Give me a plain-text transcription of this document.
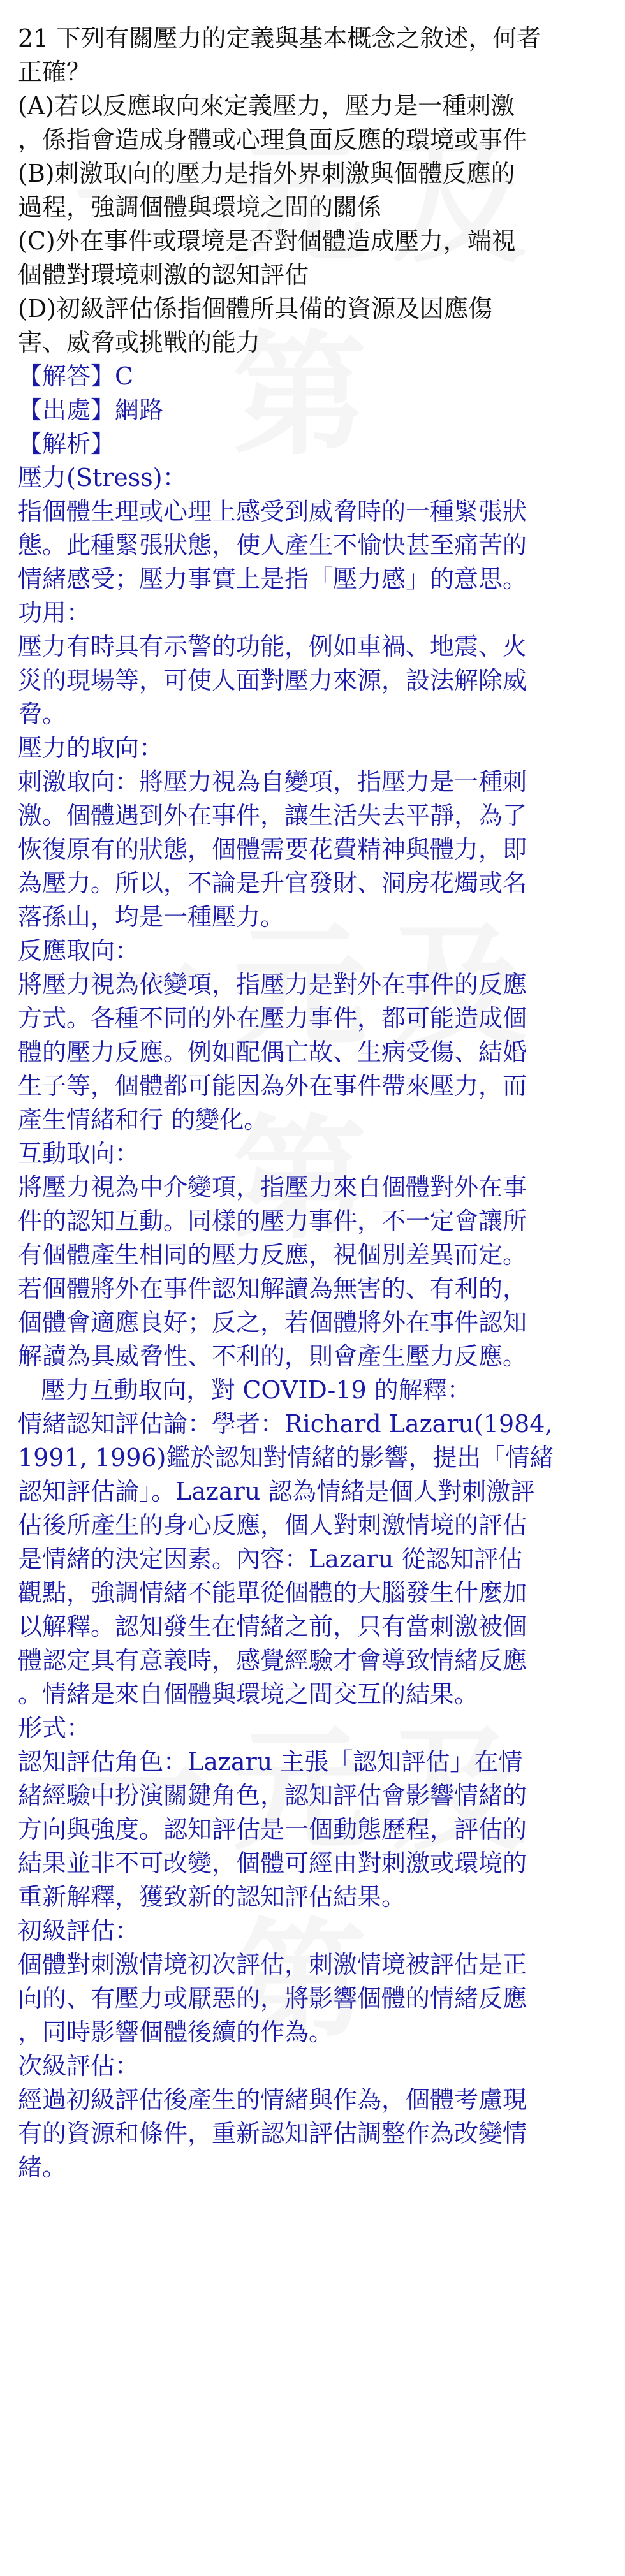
21 下列有關壓力的定義與基本概念之敘述，何者

正確？

(A)若以反應取向來定義壓力，壓力是一種刺激

，係指會造成身體或心理負面反應的環境或事件

(B)刺激取向的壓力是指外界刺激與個體反應的

過程，強調個體與環境之間的關係

(C)外在事件或環境是否對個體造成壓力，端視

個體對環境刺激的認知評估

(D)初級評估係指個體所具備的資源及因應傷

害、威脅或挑戰的能力

【解答】C

【出處】網路

【解析】

壓力(Stress)：

指個體生理或心理上感受到威脅時的一種緊張狀

態。此種緊張狀態，使人產生不愉快甚至痛苦的

情緒感受；壓力事實上是指「壓力感」的意思。

功用：

壓力有時具有示警的功能，例如車禍、地震、火

災的現場等，可使人面對壓力來源，設法解除威

脅。

壓力的取向：

刺激取向：將壓力視為自變項，指壓力是一種刺

激。個體遇到外在事件，讓生活失去平靜，為了

恢復原有的狀態，個體需要花費精神與體力，即

為壓力。所以，不論是升官發財、洞房花燭或名

落孫山，均是一種壓力。

反應取向：

將壓力視為依變項，指壓力是對外在事件的反應

方式。各種不同的外在壓力事件，都可能造成個

體的壓力反應。例如配偶亡故、生病受傷、結婚

生子等，個體都可能因為外在事件帶來壓力，而

產生情緒和行 的變化。

互動取向：

將壓力視為中介變項，指壓力來自個體對外在事

件的認知互動。同樣的壓力事件，不一定會讓所

有個體產生相同的壓力反應，視個別差異而定。

若個體將外在事件認知解讀為無害的、有利的，

個體會適應良好；反之，若個體將外在事件認知

解讀為具威脅性、不利的，則會產生壓力反應。

壓力互動取向，對 COVID-19 的解釋：

情緒認知評估論：學者：Richard Lazaru(1984,

1991, 1996)鑑於認知對情緒的影響，提出「情緒

認知評估論」。Lazaru 認為情緒是個人對刺激評

估後所產生的身心反應，個人對刺激情境的評估

是情緒的決定因素。內容：Lazaru 從認知評估

觀點，強調情緒不能單從個體的大腦發生什麼加

以解釋。認知發生在情緒之前，只有當刺激被個

體認定具有意義時，感覺經驗才會導致情緒反應

。情緒是來自個體與環境之間交互的結果。

形式：

認知評估角色：Lazaru 主張「認知評估」在情

緒經驗中扮演關鍵角色，認知評估會影響情緒的

方向與強度。認知評估是一個動態歷程，評估的

結果並非不可改變，個體可經由對刺激或環境的

重新解釋，獲致新的認知評估結果。

初級評估：

個體對刺激情境初次評估，刺激情境被評估是正

向的、有壓力或厭惡的，將影響個體的情緒反應

，同時影響個體後續的作為。

次級評估：

經過初級評估後產生的情緒與作為，個體考慮現

有的資源和條件，重新認知評估調整作為改變情

緒。
